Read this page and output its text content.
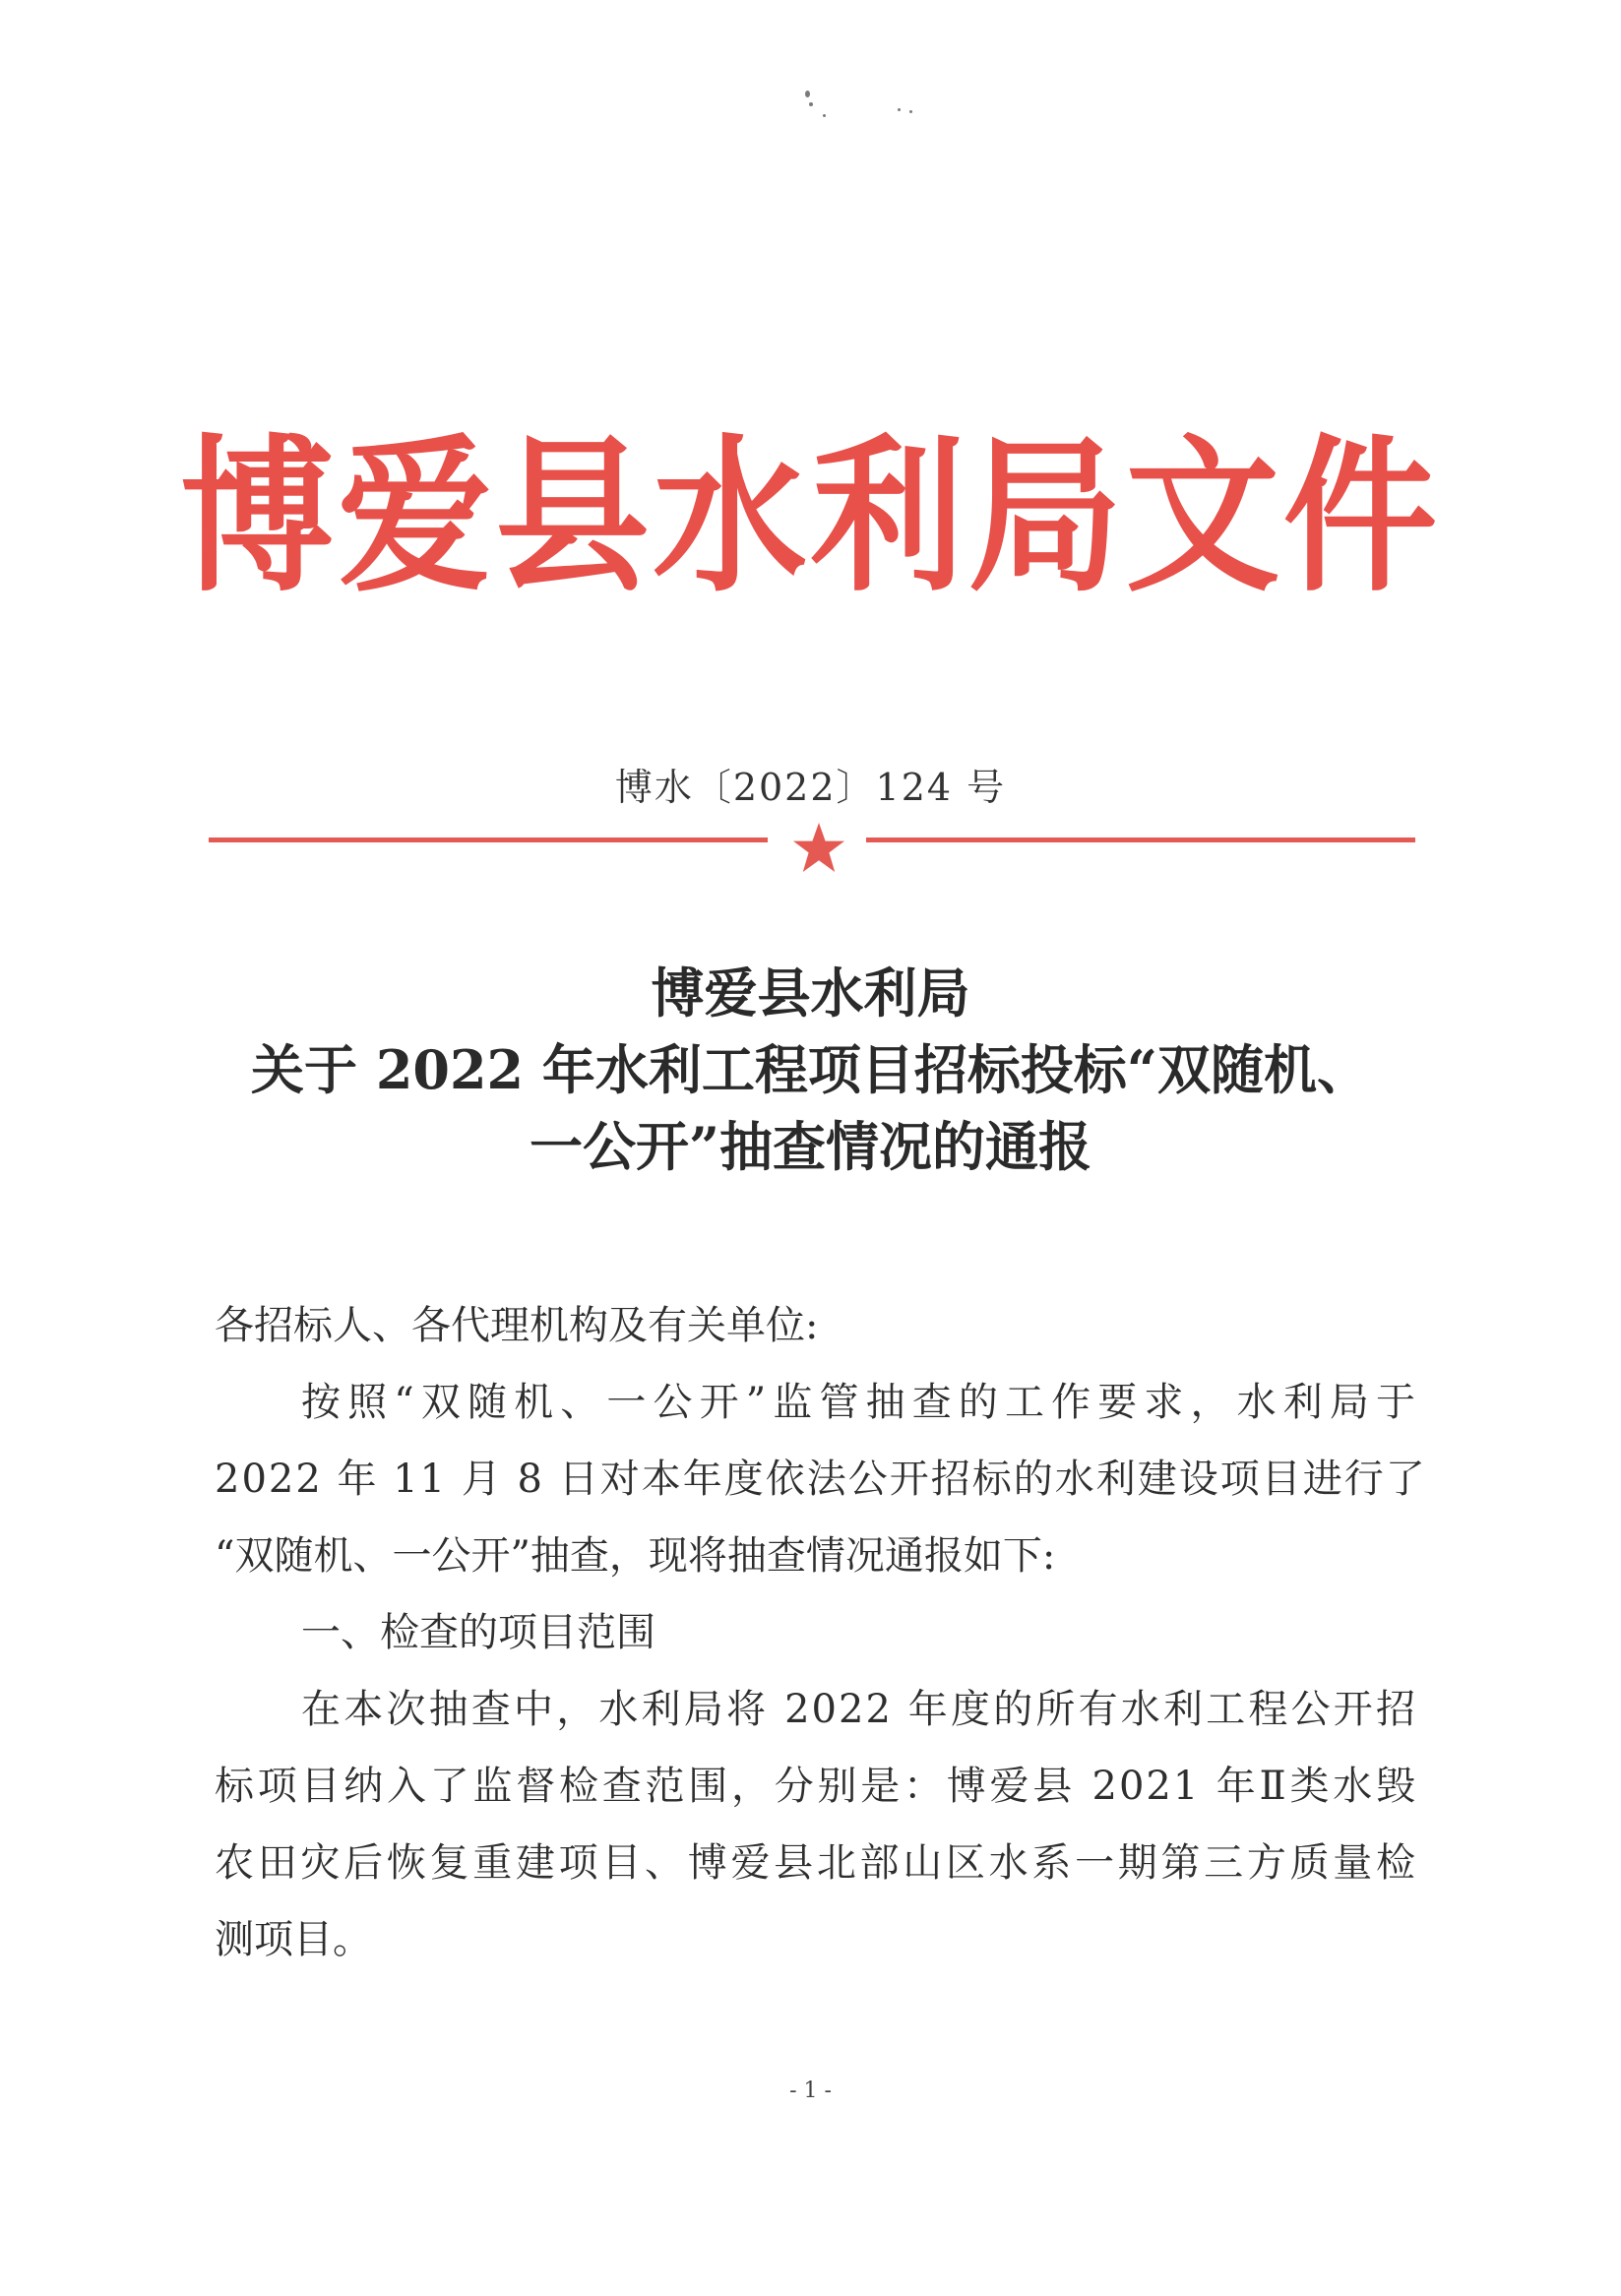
博爱县水利局文件
博水〔2022〕124 号
博爱县水利局
关于 2022 年水利工程项目招标投标“双随机、
一公开”抽查情况的通报
各招标人、各代理机构及有关单位:
按照“双随机、一公开”监管抽查的工作要求，水利局于
2022 年 11 月 8 日对本年度依法公开招标的水利建设项目进行了
“双随机、一公开”抽查，现将抽查情况通报如下:
一、检查的项目范围
在本次抽查中，水利局将 2022 年度的所有水利工程公开招
标项目纳入了监督检查范围，分别是：博爱县 2021 年Ⅱ类水毁
农田灾后恢复重建项目、博爱县北部山区水系一期第三方质量检
测项目。
- 1 -
